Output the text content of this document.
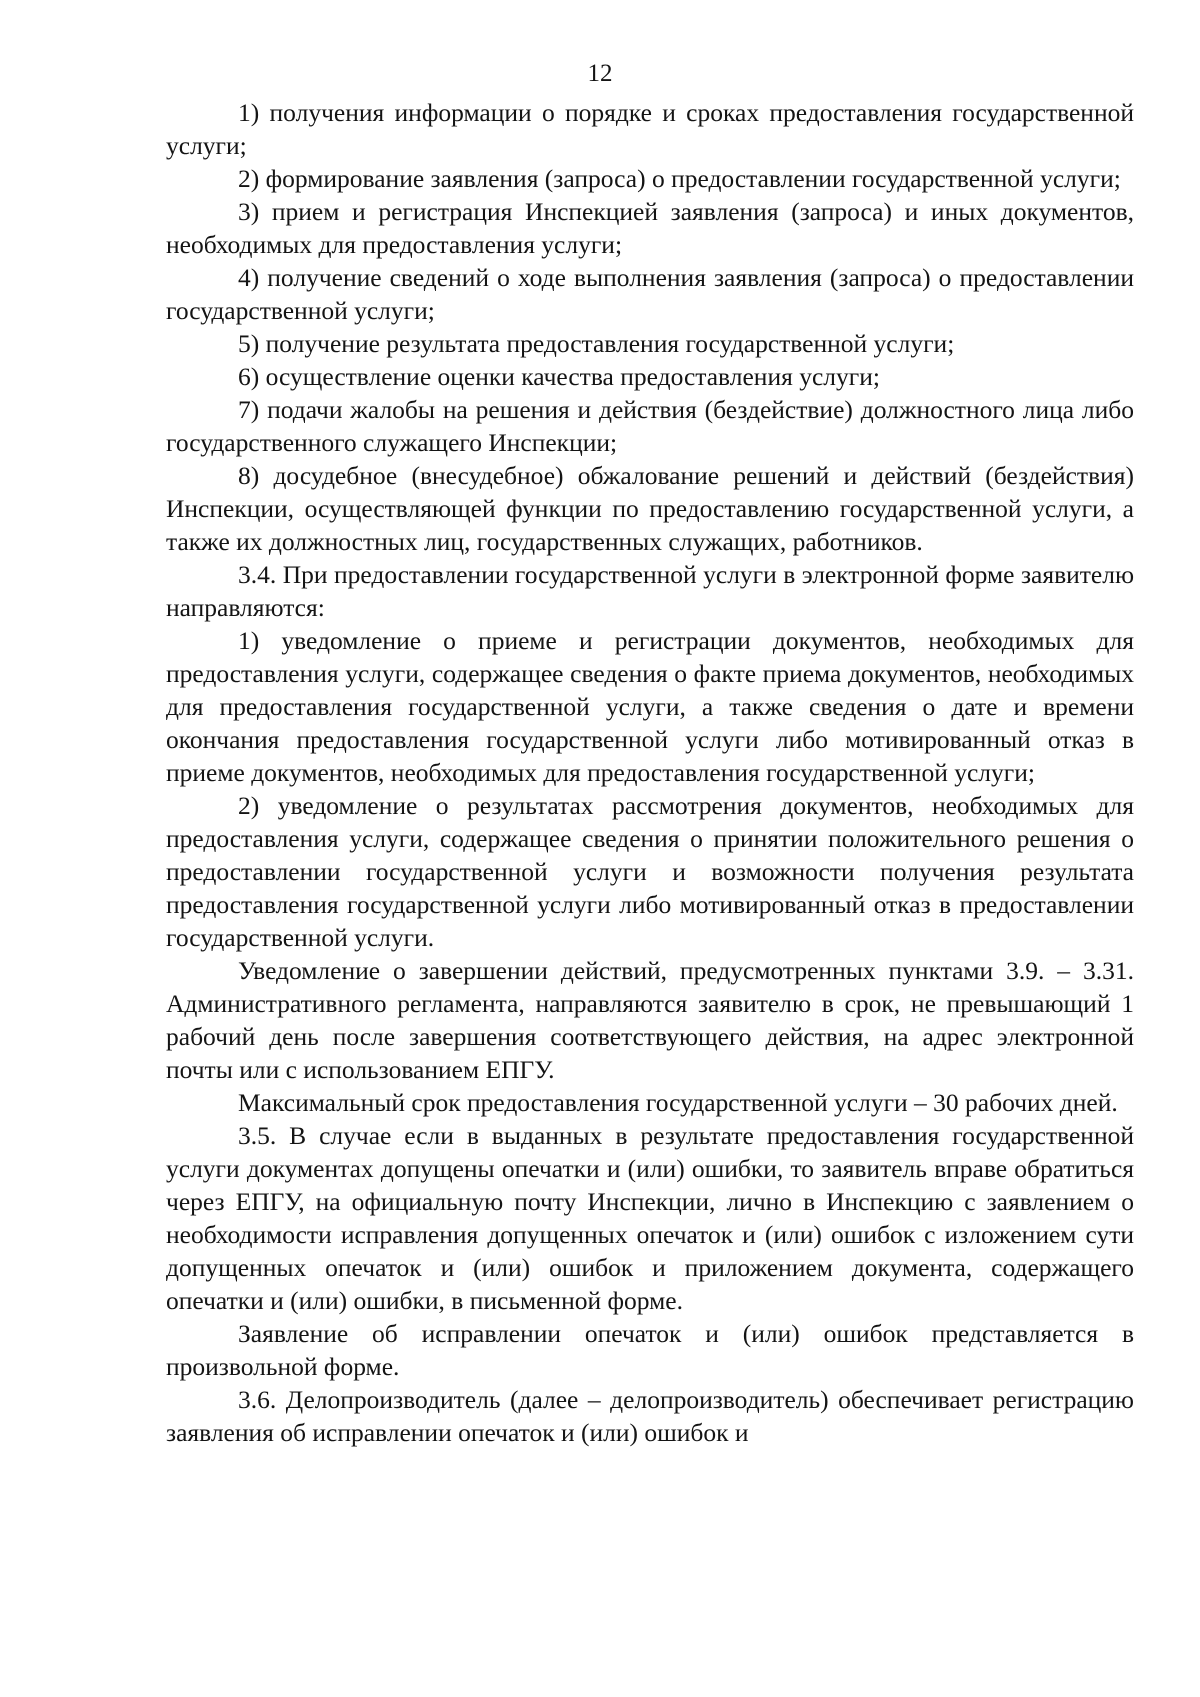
12

1) получения информации о порядке и сроках предоставления государственной услуги;

2) формирование заявления (запроса) о предоставлении государственной услуги;

3) прием и регистрация Инспекцией заявления (запроса) и иных документов, необходимых для предоставления услуги;

4) получение сведений о ходе выполнения заявления (запроса) о предоставлении государственной услуги;

5) получение результата предоставления государственной услуги;

6) осуществление оценки качества предоставления услуги;

7) подачи жалобы на решения и действия (бездействие) должностного лица либо государственного служащего Инспекции;

8) досудебное (внесудебное) обжалование решений и действий (бездействия) Инспекции, осуществляющей функции по предоставлению государственной услуги, а также их должностных лиц, государственных служащих, работников.

3.4. При предоставлении государственной услуги в электронной форме заявителю направляются:

1) уведомление о приеме и регистрации документов, необходимых для предоставления услуги, содержащее сведения о факте приема документов, необходимых для предоставления государственной услуги, а также сведения о дате и времени окончания предоставления государственной услуги либо мотивированный отказ в приеме документов, необходимых для предоставления государственной услуги;

2) уведомление о результатах рассмотрения документов, необходимых для предоставления услуги, содержащее сведения о принятии положительного решения о предоставлении государственной услуги и возможности получения результата предоставления государственной услуги либо мотивированный отказ в предоставлении государственной услуги.

Уведомление о завершении действий, предусмотренных пунктами 3.9. – 3.31. Административного регламента, направляются заявителю в срок, не превышающий 1 рабочий день после завершения соответствующего действия, на адрес электронной почты или с использованием ЕПГУ.

Максимальный срок предоставления государственной услуги – 30 рабочих дней.

3.5. В случае если в выданных в результате предоставления государственной услуги документах допущены опечатки и (или) ошибки, то заявитель вправе обратиться через ЕПГУ, на официальную почту Инспекции, лично в Инспекцию с заявлением о необходимости исправления допущенных опечаток и (или) ошибок с изложением сути допущенных опечаток и (или) ошибок и приложением документа, содержащего опечатки и (или) ошибки, в письменной форме.

Заявление об исправлении опечаток и (или) ошибок представляется в произвольной форме.

3.6. Делопроизводитель (далее – делопроизводитель) обеспечивает регистрацию заявления об исправлении опечаток и (или) ошибок и
